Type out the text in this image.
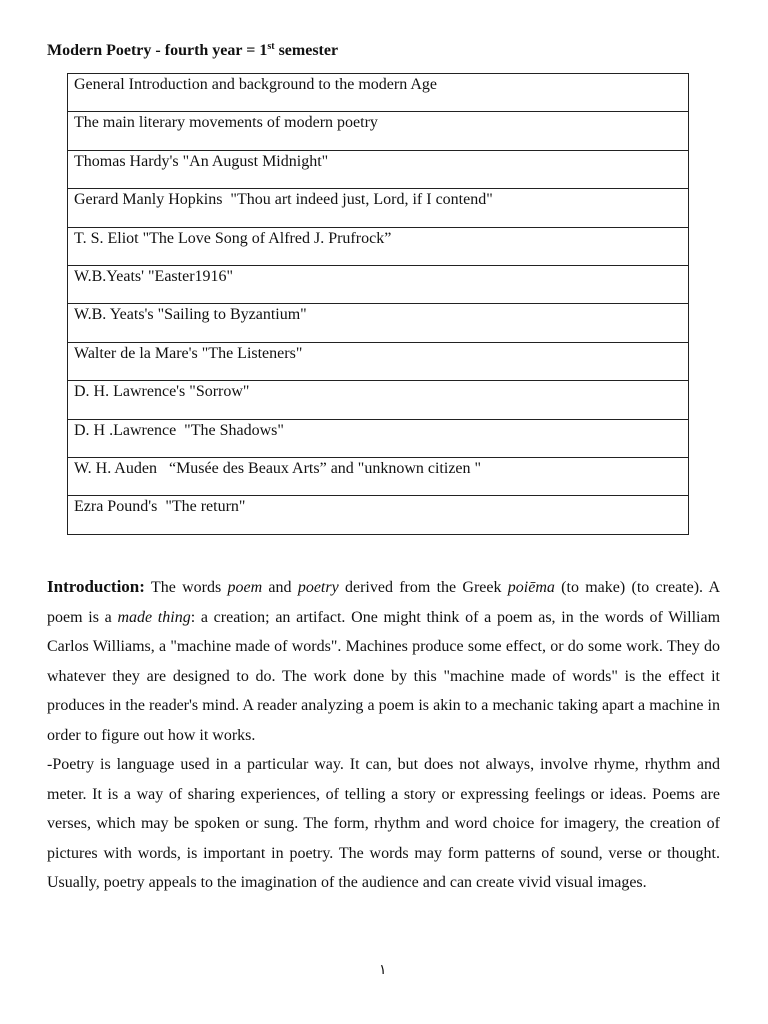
Modern Poetry - fourth year = 1st semester
General Introduction and background to the modern Age
The main literary movements of modern poetry
Thomas Hardy's "An August Midnight"
Gerard Manly Hopkins  "Thou art indeed just, Lord, if I contend"
T. S. Eliot "The Love Song of Alfred J. Prufrock”
W.B.Yeats' "Easter1916"
W.B. Yeats's "Sailing to Byzantium"
Walter de la Mare's "The Listeners"
D. H. Lawrence's "Sorrow"
D. H .Lawrence  "The Shadows"
W. H. Auden   “Musée des Beaux Arts” and "unknown citizen "
Ezra Pound's  "The return"

Introduction: The words poem and poetry derived from the Greek poiēma (to make) (to create). A poem is a made thing: a creation; an artifact. One might think of a poem as, in the words of William Carlos Williams, a "machine made of words". Machines produce some effect, or do some work. They do whatever they are designed to do. The work done by this "machine made of words" is the effect it produces in the reader's mind. A reader analyzing a poem is akin to a mechanic taking apart a machine in order to figure out how it works.

-Poetry is language used in a particular way. It can, but does not always, involve rhyme, rhythm and meter. It is a way of sharing experiences, of telling a story or expressing feelings or ideas. Poems are verses, which may be spoken or sung. The form, rhythm and word choice for imagery, the creation of pictures with words, is important in poetry. The words may form patterns of sound, verse or thought. Usually, poetry appeals to the imagination of the audience and can create vivid visual images.

١
